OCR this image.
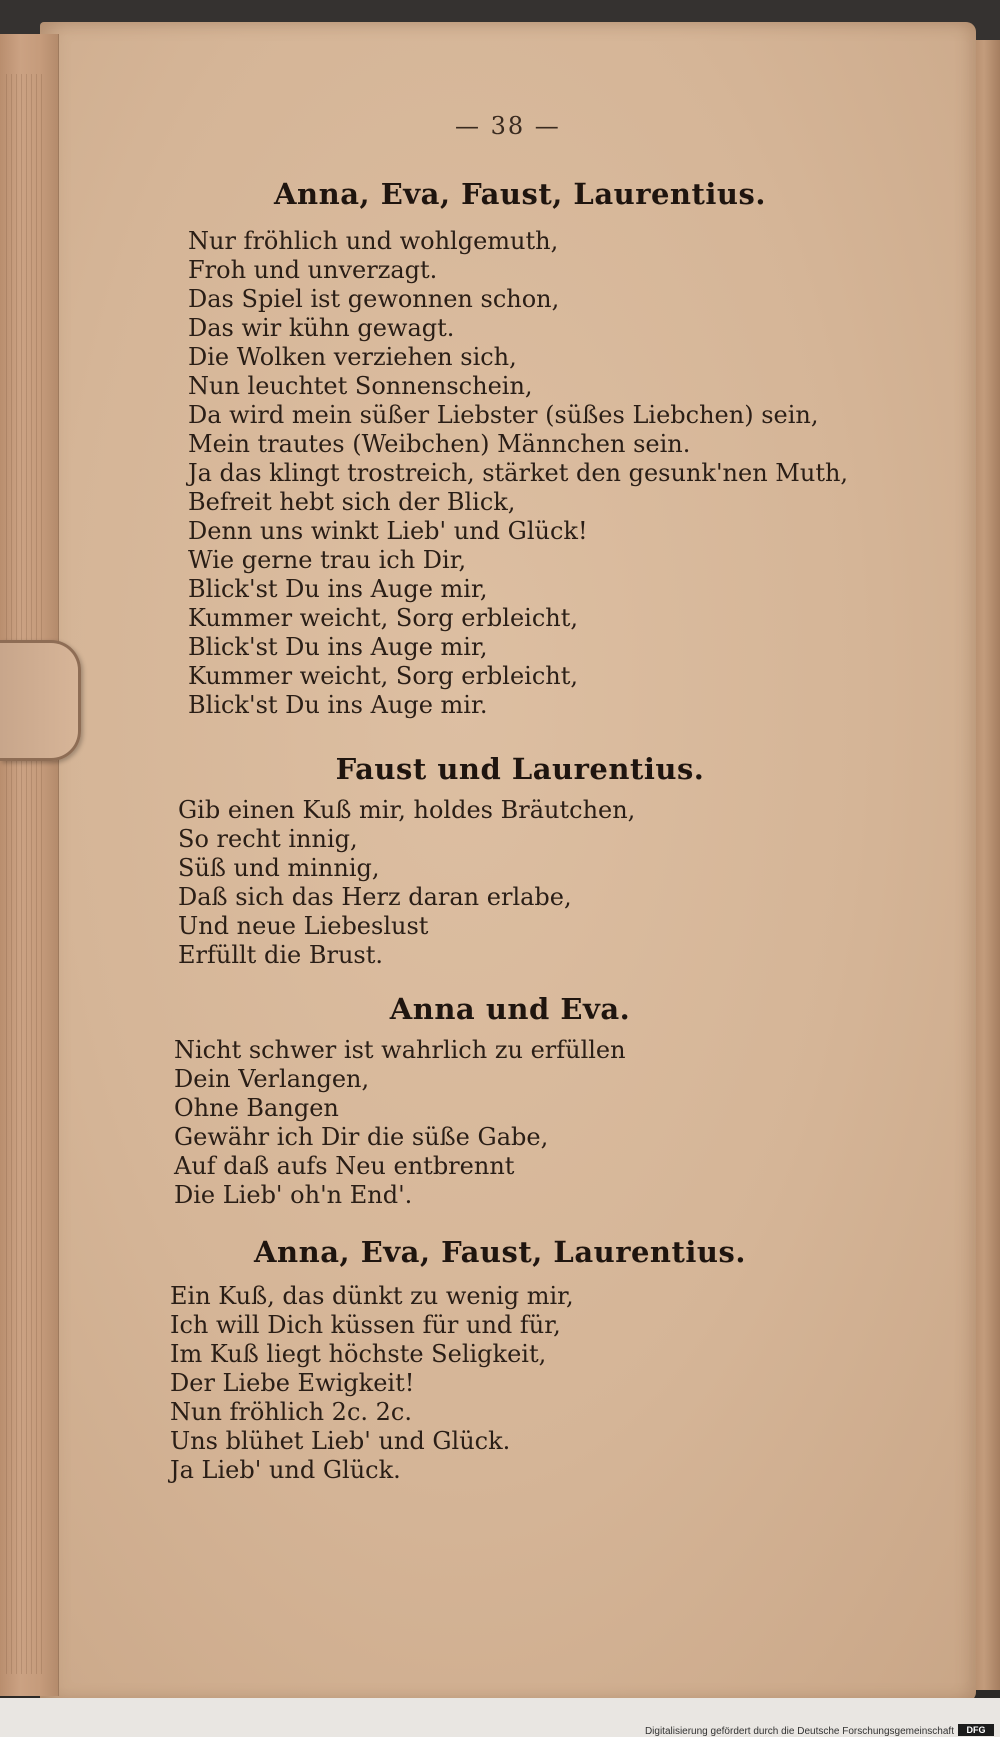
— 38 —
Anna, Eva, Faust, Laurentius.
Nur fröhlich und wohlgemuth,
Froh und unverzagt.
Das Spiel ist gewonnen schon,
Das wir kühn gewagt.
Die Wolken verziehen sich,
Nun leuchtet Sonnenschein,
Da wird mein süßer Liebster (süßes Liebchen) sein,
Mein trautes (Weibchen) Männchen sein.
Ja das klingt trostreich, stärket den gesunk'nen Muth,
Befreit hebt sich der Blick,
Denn uns winkt Lieb' und Glück!
Wie gerne trau ich Dir,
Blick'st Du ins Auge mir,
Kummer weicht, Sorg erbleicht,
Blick'st Du ins Auge mir,
Kummer weicht, Sorg erbleicht,
Blick'st Du ins Auge mir.
Faust und Laurentius.
Gib einen Kuß mir, holdes Bräutchen,
So recht innig,
Süß und minnig,
Daß sich das Herz daran erlabe,
Und neue Liebeslust
Erfüllt die Brust.
Anna und Eva.
Nicht schwer ist wahrlich zu erfüllen
Dein Verlangen,
Ohne Bangen
Gewähr ich Dir die süße Gabe,
Auf daß aufs Neu entbrennt
Die Lieb' oh'n End'.
Anna, Eva, Faust, Laurentius.
Ein Kuß, das dünkt zu wenig mir,
Ich will Dich küssen für und für,
Im Kuß liegt höchste Seligkeit,
Der Liebe Ewigkeit!
Nun fröhlich 2c. 2c.
Uns blühet Lieb' und Glück.
Ja Lieb' und Glück.
Digitalisierung gefördert durch die Deutsche Forschungsgemeinschaft	DFG
